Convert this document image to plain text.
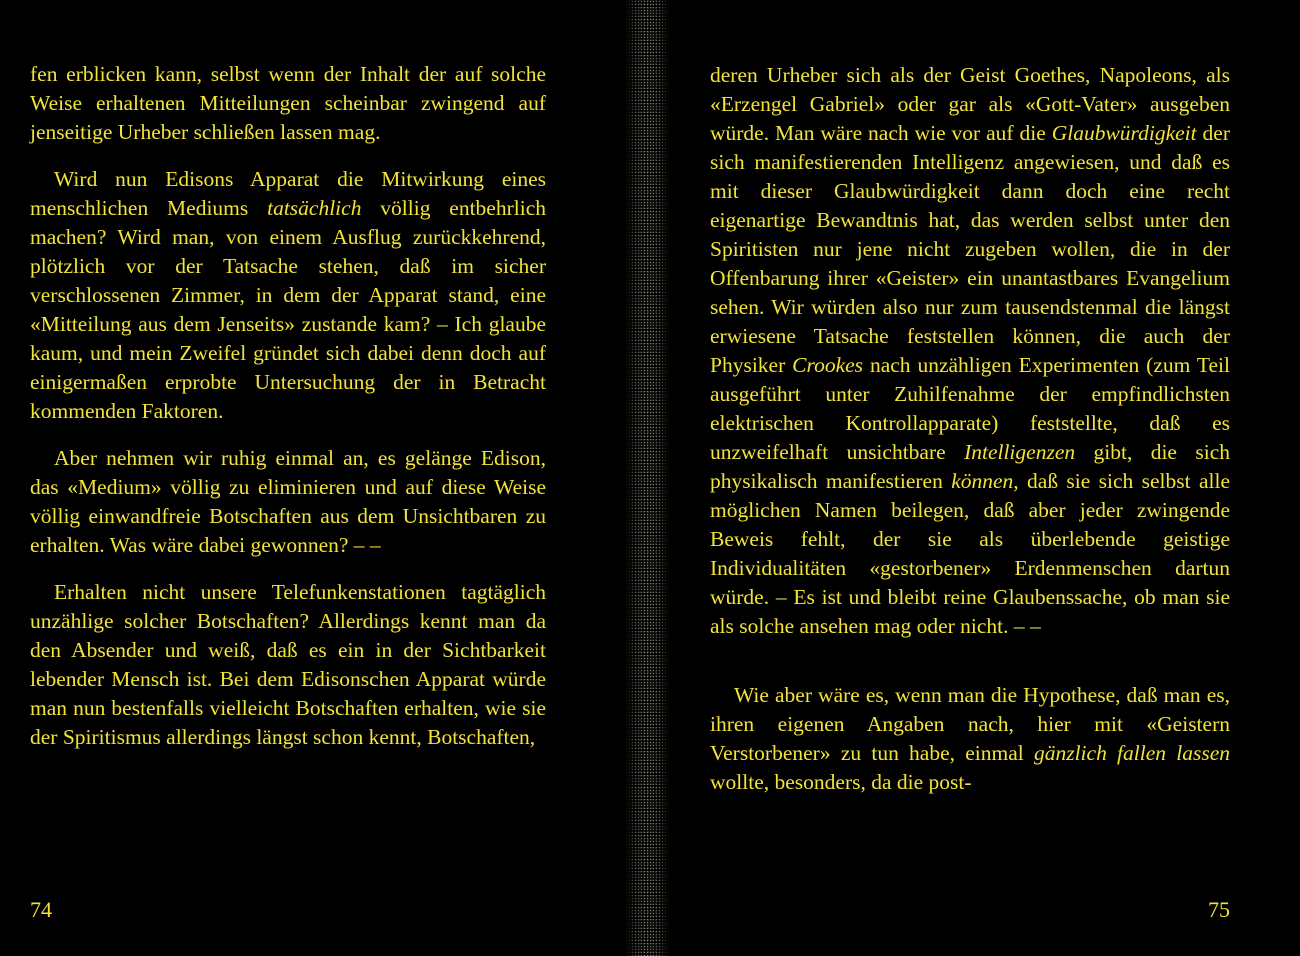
fen erblicken kann, selbst wenn der Inhalt der auf solche Weise erhaltenen Mitteilungen scheinbar zwingend auf jenseitige Urheber schließen lassen mag.

Wird nun Edisons Apparat die Mitwirkung eines menschlichen Mediums tatsächlich völlig entbehrlich machen? Wird man, von einem Ausflug zurückkehrend, plötzlich vor der Tatsache stehen, daß im sicher verschlossenen Zimmer, in dem der Apparat stand, eine «Mitteilung aus dem Jenseits» zustande kam? – Ich glaube kaum, und mein Zweifel gründet sich dabei denn doch auf einigermaßen erprobte Untersuchung der in Betracht kommenden Faktoren.

Aber nehmen wir ruhig einmal an, es gelänge Edison, das «Medium» völlig zu eliminieren und auf diese Weise völlig einwandfreie Botschaften aus dem Unsichtbaren zu erhalten. Was wäre dabei gewonnen? – –

Erhalten nicht unsere Telefunkenstationen tagtäglich unzählige solcher Botschaften? Allerdings kennt man da den Absender und weiß, daß es ein in der Sichtbarkeit lebender Mensch ist. Bei dem Edisonschen Apparat würde man nun bestenfalls vielleicht Botschaften erhalten, wie sie der Spiritismus allerdings längst schon kennt, Botschaften,

74

deren Urheber sich als der Geist Goethes, Napoleons, als «Erzengel Gabriel» oder gar als «Gott-Vater» ausgeben würde. Man wäre nach wie vor auf die Glaubwürdigkeit der sich manifestierenden Intelligenz angewiesen, und daß es mit dieser Glaubwürdigkeit dann doch eine recht eigenartige Bewandtnis hat, das werden selbst unter den Spiritisten nur jene nicht zugeben wollen, die in der Offenbarung ihrer «Geister» ein unantastbares Evangelium sehen. Wir würden also nur zum tausendstenmal die längst erwiesene Tatsache feststellen können, die auch der Physiker Crookes nach unzähligen Experimenten (zum Teil ausgeführt unter Zuhilfenahme der empfindlichsten elektrischen Kontrollapparate) feststellte, daß es unzweifelhaft unsichtbare Intelligenzen gibt, die sich physikalisch manifestieren können, daß sie sich selbst alle möglichen Namen beilegen, daß aber jeder zwingende Beweis fehlt, der sie als überlebende geistige Individualitäten «gestorbener» Erdenmenschen dartun würde. – Es ist und bleibt reine Glaubenssache, ob man sie als solche ansehen mag oder nicht. – –

Wie aber wäre es, wenn man die Hypothese, daß man es, ihren eigenen Angaben nach, hier mit «Geistern Verstorbener» zu tun habe, einmal gänzlich fallen lassen wollte, besonders, da die post-

75
